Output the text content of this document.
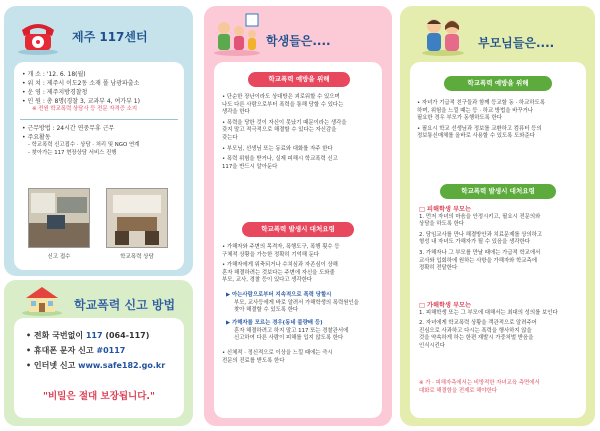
제주 117센터
• 개 소 : '12. 6. 18(월)
• 위 치 : 제주시 이도2동 소재 폴 남광파출소
• 운 영 : 제주지방경찰청
• 인 원 : 총 8명(경찰 3, 교과부 4, 여가부 1)
※ 전원 학교폭력 상담사 등 전문 자격증 소지
• 근무방법 : 24시간 연중무휴 근무
• 주요활동
- 학교폭력 신고접수 · 상담 · 처리 및 NGO 연계
- 찾아가는 117 현장상담 서비스 진행
신고 접수	학교폭력 상담
학교폭력 신고 방법
• 전화 국번없이 117 (064-117)
• 휴대폰 문자 신고 #0117
• 인터넷 신고 www.safe182.go.kr
"비밀은 절대 보장됩니다."
학생들은....
학교폭력 예방을 위해
• 단순한 장난이라도 상대방은 괴로워할 수 있으며
나도 다른 사람으로부터 폭력을 통해 당할 수 있다는
생각을 한다
• 폭력을 당한 것이 자신이 못났기 때문이라는 생각을
갖지 말고 적극적으로 해결할 수 있다는 자신감을
갖는다
• 부모님, 선생님 또는 동료와 대화를 자주 한다
• 폭력 위험을 받거나, 실제 피해시 학교폭력 신고
117을 반드시 알아둔다
학교폭력 발생시 대처요령
• 가해자와 주변의 목격자, 폭행도구, 폭행 횟수 등
구체적 상황을 가능한 정확히 기억해 둔다
• 가해자에게 위축되거나 수치심과 자존심이 상해
혼자 해결하려는 것보다는 주변에 자신을 도와줄
부모, 교사, 경찰 등이 있다고 생각한다
▶ 아는사람으로부터 지속적으로 폭력 당할시
부모, 교사등에게 바로 알려서 가해학생의 폭력원인을
찾아 해결할 수 있도록 한다
▶ 가해자를 모르는 경우(동네 불량배 등)
혼자 해결하려고 하지 말고 117 또는 경찰관서에
신고하여 다른 사람이 피해를 입지 않도록 한다
• 신체적 · 정신적으로 이상을 느낄 때에는 즉시
전문의 진료를 받도록 한다
부모님들은....
학교폭력 예방을 위해
• 자녀가 기급적 친구들과 함께 등교할 동 · 하교하도록
하며, 위험을 느낄 때는 등 · 하교 방법을 바꾸거나
필요한 경우 부모가 동행하도록 한다
• 필요시 학교 선생님과 정보를 교환하고 컴퓨터 등의
정보통신매체를 올바로 사용할 수 있도록 도와준다
학교폭력 발생시 대처요령
□ 피해학생 부모는
1. 먼저 자녀의 마음을 안정시키고, 필요시 전문의와
상담을 하도록 한다
2. 담임교사를 만나 해결방안과 치료문제를 상의하고
형성 내 자녀도 가해자가 될 수 있음을 생각한다
3. 가해자나 그 부모를 만날 때에는 가급적 학교에서
교사와 입회하에 원하는 사항을 가해자와 학교측에
정확히 전달한다
□ 가해학생 부모는
1. 피해학생 또는 그 부모에 대해서는 최대의 성의를 보인다
2. 자녀에게 학교폭력 상황을 객관적으로 알려주어
진심으로 사과하고 다시는 폭력을 행사하지 않을
것을 약속하게 하는 한편 재발시 가중처벌 받음을
인식시킨다
※ 가 · 피해자측에서는 비방적한 자녀교육 측면에서
대화로 해결함을 전제로 해야한다
